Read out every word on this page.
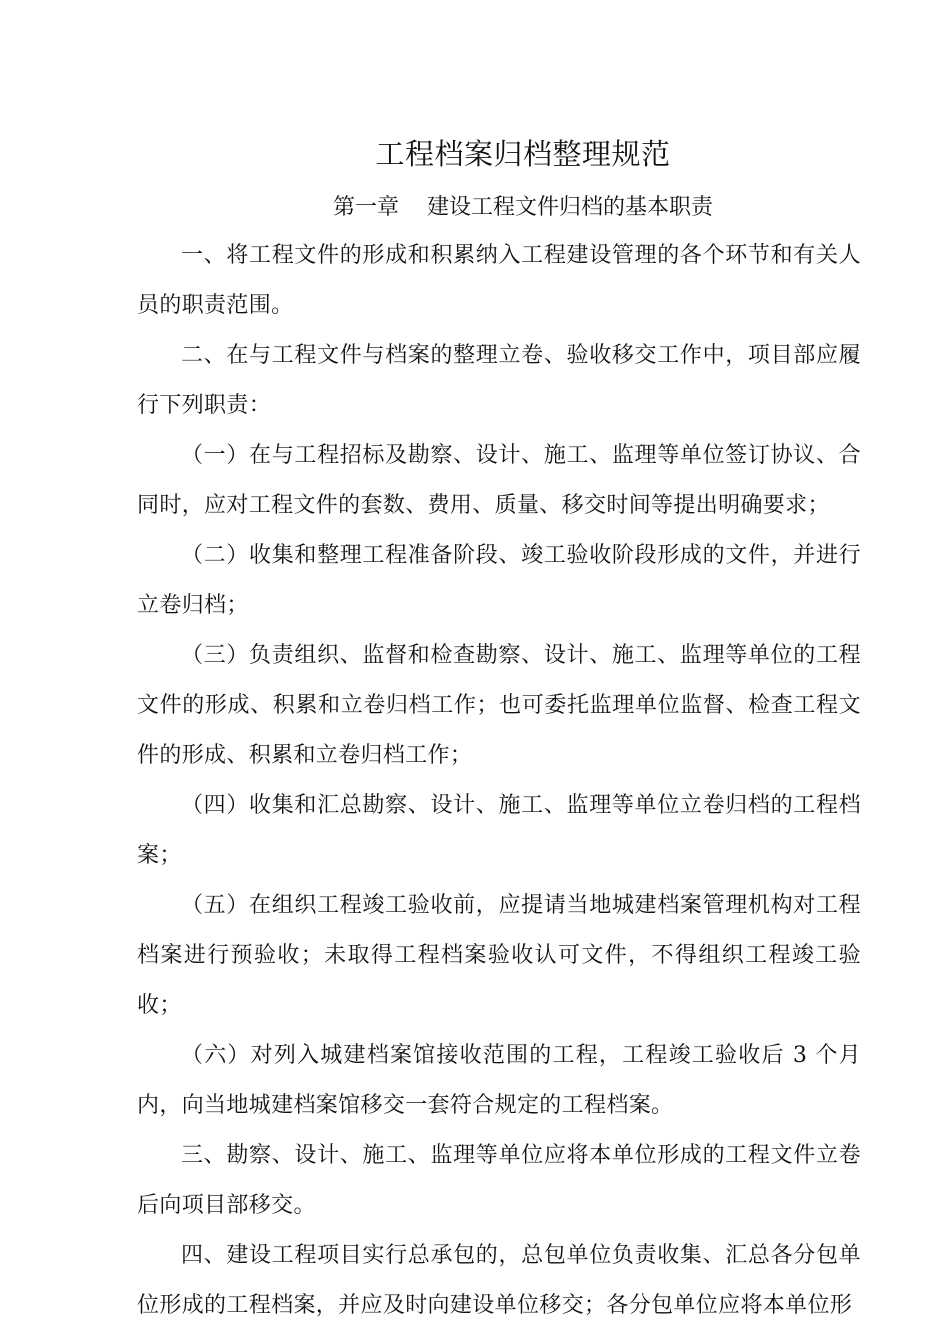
工程档案归档整理规范
第一章    建设工程文件归档的基本职责

一、将工程文件的形成和积累纳入工程建设管理的各个环节和有关人员的职责范围。

二、在与工程文件与档案的整理立卷、验收移交工作中，项目部应履行下列职责：

（一）在与工程招标及勘察、设计、施工、监理等单位签订协议、合同时，应对工程文件的套数、费用、质量、移交时间等提出明确要求；

（二）收集和整理工程准备阶段、竣工验收阶段形成的文件，并进行立卷归档；

（三）负责组织、监督和检查勘察、设计、施工、监理等单位的工程文件的形成、积累和立卷归档工作；也可委托监理单位监督、检查工程文件的形成、积累和立卷归档工作；

（四）收集和汇总勘察、设计、施工、监理等单位立卷归档的工程档案；

（五）在组织工程竣工验收前，应提请当地城建档案管理机构对工程档案进行预验收；未取得工程档案验收认可文件，不得组织工程竣工验收；

（六）对列入城建档案馆接收范围的工程，工程竣工验收后 3 个月内，向当地城建档案馆移交一套符合规定的工程档案。

三、勘察、设计、施工、监理等单位应将本单位形成的工程文件立卷后向项目部移交。

四、建设工程项目实行总承包的，总包单位负责收集、汇总各分包单位形成的工程档案，并应及时向建设单位移交；各分包单位应将本单位形
